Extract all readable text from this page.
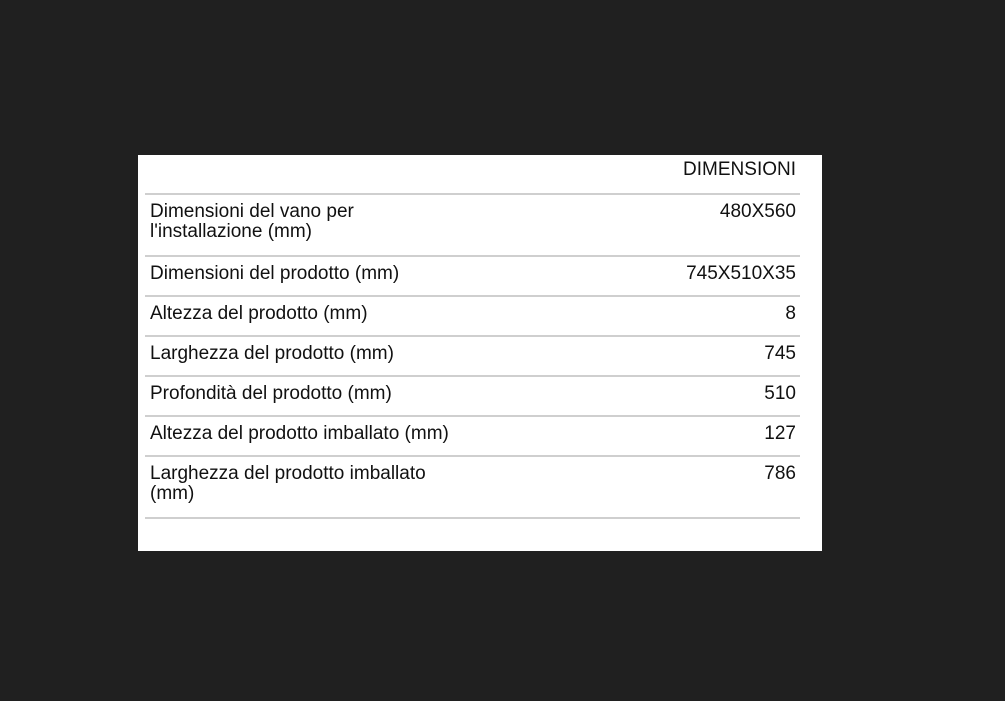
	DIMENSIONI
Dimensioni del vano per l'installazione (mm)	480X560
Dimensioni del prodotto (mm)	745X510X35
Altezza del prodotto (mm)	8
Larghezza del prodotto (mm)	745
Profondità del prodotto (mm)	510
Altezza del prodotto imballato (mm)	127
Larghezza del prodotto imballato (mm)	786
